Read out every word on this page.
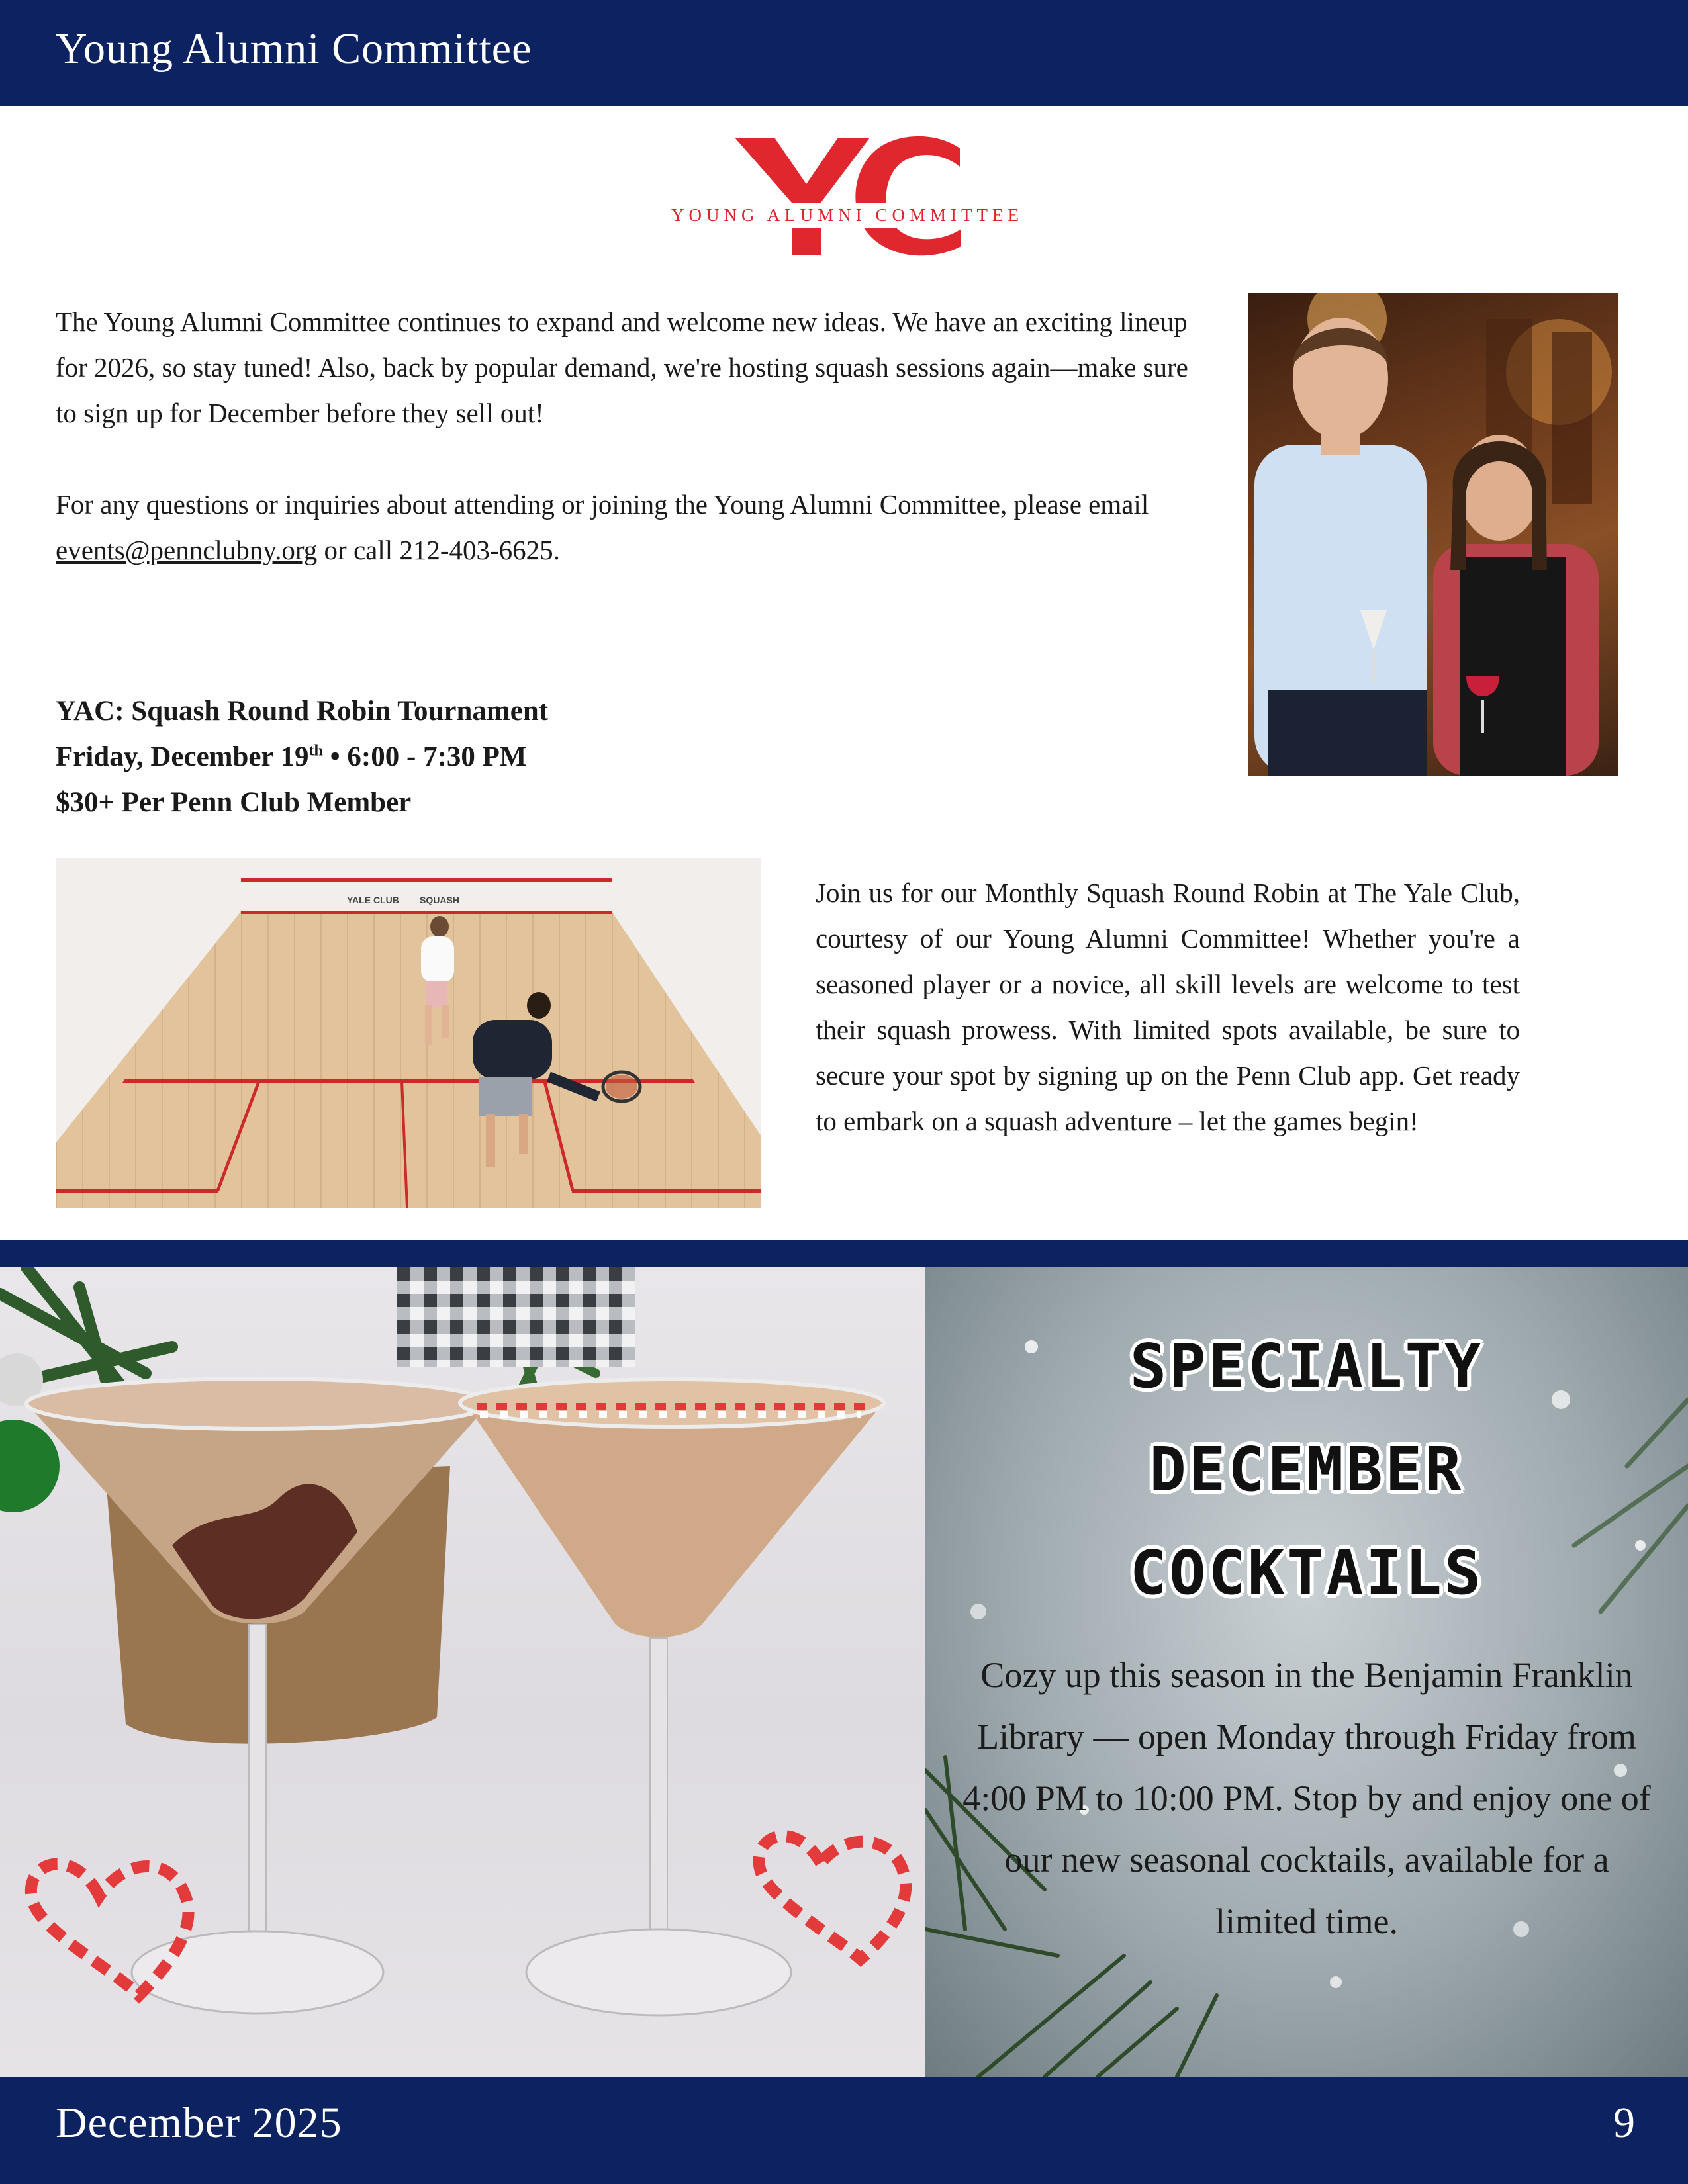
Young Alumni Committee
YOUNG ALUMNI COMMITTEE

The Young Alumni Committee continues to expand and welcome new ideas. We have an exciting lineup for 2026, so stay tuned! Also, back by popular demand, we're hosting squash sessions again—make sure to sign up for December before they sell out!

For any questions or inquiries about attending or joining the Young Alumni Committee, please email events@pennclubny.org or call 212-403-6625.

YAC: Squash Round Robin Tournament
Friday, December 19th • 6:00 - 7:30 PM
$30+ Per Penn Club Member
YALE CLUB SQUASH	Join us for our Monthly Squash Round Robin at The Yale Club, courtesy of our Young Alumni Committee! Whether you're a seasoned player or a novice, all skill levels are welcome to test their squash prowess. With limited spots available, be sure to secure your spot by signing up on the Penn Club app. Get ready to embark on a squash adventure – let the games begin!
SPECIALTY
DECEMBER
COCKTAILS
Cozy up this season in the Benjamin Franklin Library — open Monday through Friday from 4:00 PM to 10:00 PM. Stop by and enjoy one of our new seasonal cocktails, available for a limited time.
December 2025	9
